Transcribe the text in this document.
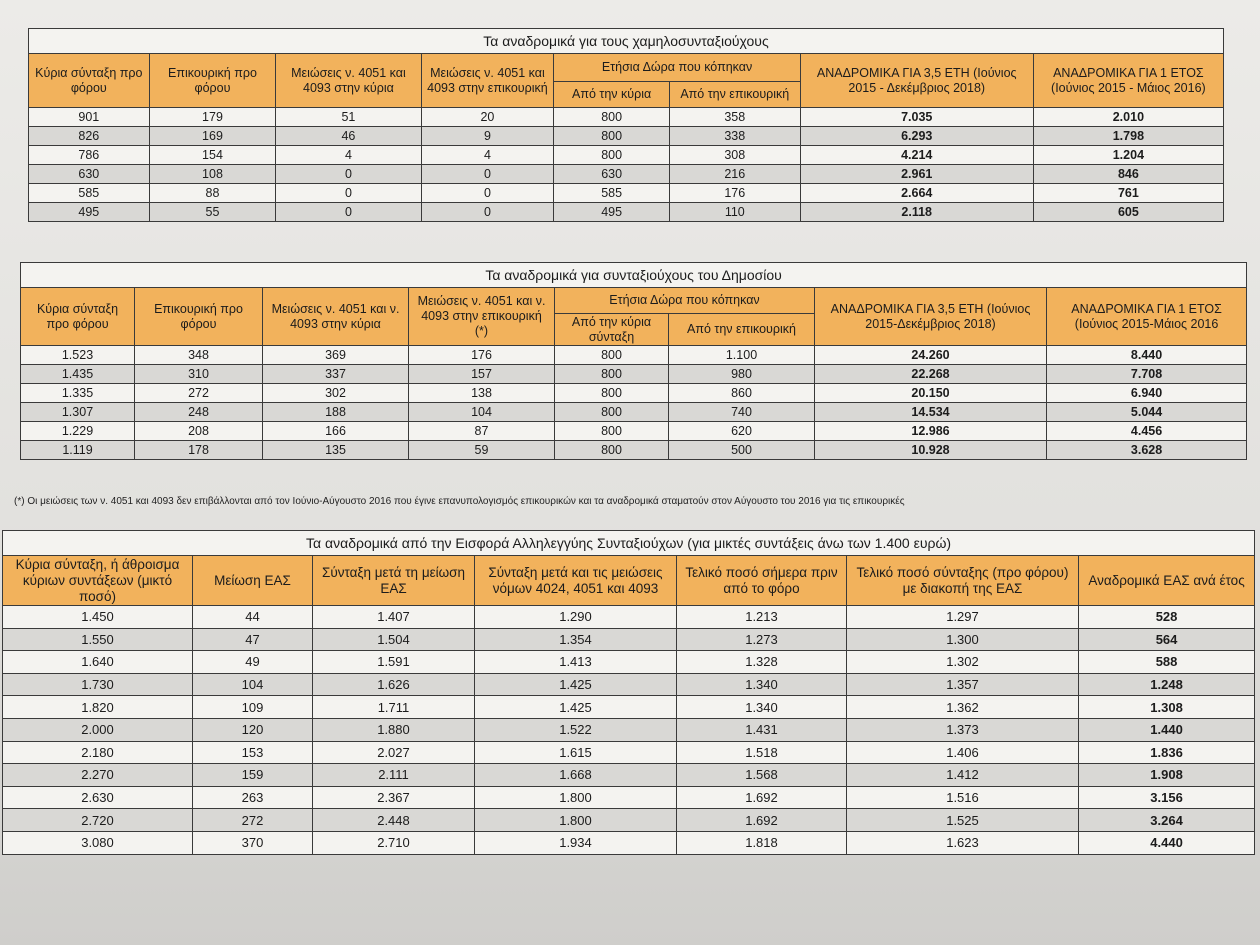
Τα αναδρομικά για τους χαμηλοσυνταξιούχους							
Κύρια σύνταξη προ φόρου	Επικουρική προ φόρου	Μειώσεις ν. 4051 και 4093 στην κύρια	Μειώσεις ν. 4051 και 4093 στην επικουρική	Ετήσια Δώρα που κόπηκαν		ΑΝΑΔΡΟΜΙΚΑ ΓΙΑ 3,5 ΕΤΗ (Ιούνιος 2015 - Δεκέμβριος 2018)	ΑΝΑΔΡΟΜΙΚΑ ΓΙΑ 1 ΕΤΟΣ (Ιούνιος 2015 - Μάιος 2016)
				Από την κύρια	Από την επικουρική		
901	179	51	20	800	358	7.035	2.010
826	169	46	9	800	338	6.293	1.798
786	154	4	4	800	308	4.214	1.204
630	108	0	0	630	216	2.961	846
585	88	0	0	585	176	2.664	761
495	55	0	0	495	110	2.118	605
Τα αναδρομικά για συνταξιούχους του Δημοσίου							
Κύρια σύνταξη προ φόρου	Επικουρική προ φόρου	Μειώσεις ν. 4051 και ν. 4093 στην κύρια	Μειώσεις ν. 4051 και ν. 4093 στην επικουρική (*)	Ετήσια Δώρα που κόπηκαν		ΑΝΑΔΡΟΜΙΚΑ ΓΙΑ 3,5 ΕΤΗ (Ιούνιος 2015-Δεκέμβριος 2018)	ΑΝΑΔΡΟΜΙΚΑ ΓΙΑ 1 ΕΤΟΣ (Ιούνιος 2015-Μάιος 2016
				Από την κύρια σύνταξη	Από την επικουρική		
1.523	348	369	176	800	1.100	24.260	8.440
1.435	310	337	157	800	980	22.268	7.708
1.335	272	302	138	800	860	20.150	6.940
1.307	248	188	104	800	740	14.534	5.044
1.229	208	166	87	800	620	12.986	4.456
1.119	178	135	59	800	500	10.928	3.628
(*) Οι μειώσεις των ν. 4051 και 4093 δεν επιβάλλονται από τον Ιούνιο-Αύγουστο 2016 που έγινε επανυπολογισμός επικουρικών και τα αναδρομικά σταματούν στον Αύγουστο του 2016 για τις επικουρικές
Τα αναδρομικά από την Εισφορά Αλληλεγγύης Συνταξιούχων (για μικτές συντάξεις άνω των 1.400 ευρώ)						
Κύρια σύνταξη, ή άθροισμα κύριων συντάξεων (μικτό ποσό)	Μείωση ΕΑΣ	Σύνταξη μετά τη μείωση ΕΑΣ	Σύνταξη μετά και τις μειώσεις νόμων 4024, 4051 και 4093	Τελικό ποσό σήμερα πριν από το φόρο	Τελικό ποσό σύνταξης (προ φόρου) με διακοπή της ΕΑΣ	Αναδρομικά ΕΑΣ ανά έτος
1.450	44	1.407	1.290	1.213	1.297	528
1.550	47	1.504	1.354	1.273	1.300	564
1.640	49	1.591	1.413	1.328	1.302	588
1.730	104	1.626	1.425	1.340	1.357	1.248
1.820	109	1.711	1.425	1.340	1.362	1.308
2.000	120	1.880	1.522	1.431	1.373	1.440
2.180	153	2.027	1.615	1.518	1.406	1.836
2.270	159	2.111	1.668	1.568	1.412	1.908
2.630	263	2.367	1.800	1.692	1.516	3.156
2.720	272	2.448	1.800	1.692	1.525	3.264
3.080	370	2.710	1.934	1.818	1.623	4.440
